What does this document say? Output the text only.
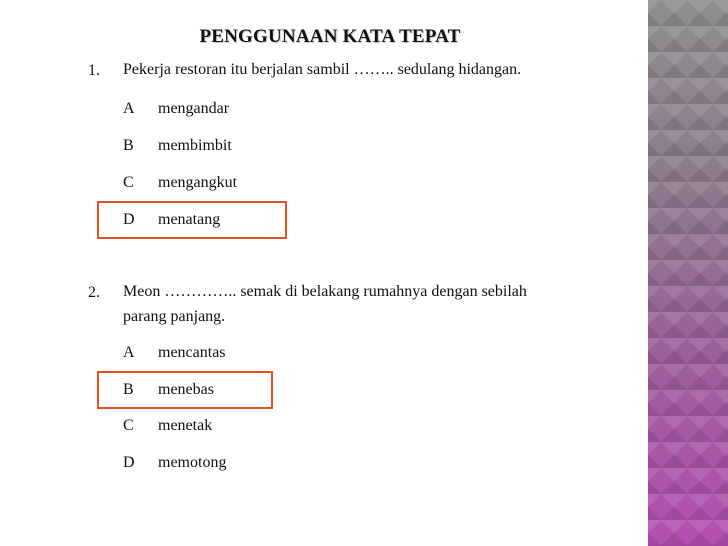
PENGGUNAAN KATA TEPAT
1. Pekerja restoran itu berjalan sambil …….. sedulang hidangan.
A mengandar
B membimbit
C mengangkut
D menatang
2. Meon ………….. semak di belakang rumahnya dengan sebilah
parang panjang.
A mencantas
B menebas
C menetak
D memotong
